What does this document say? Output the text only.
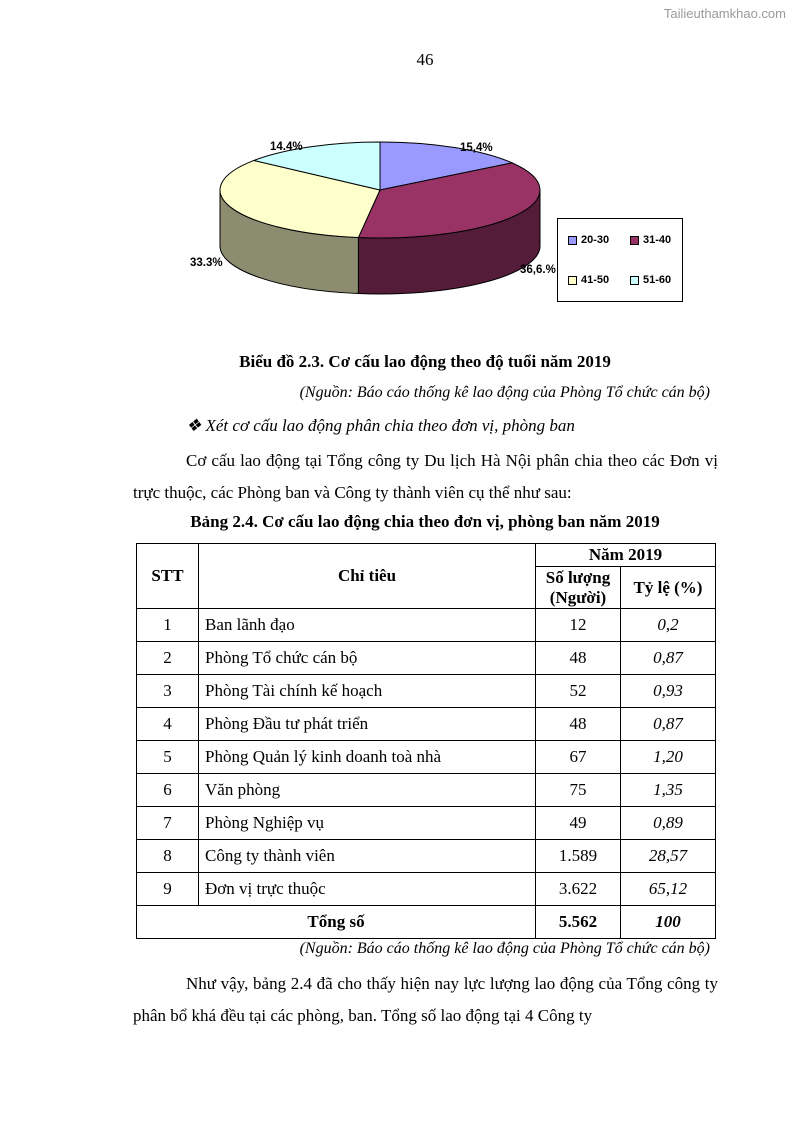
Tailieuthamkhao.com
46
15,4%
36,6.%
33.3%
14.4%
20-30	31-40
41-50	51-60
Biểu đồ 2.3. Cơ cấu lao động theo độ tuổi năm 2019
(Nguồn: Báo cáo thống kê lao động của Phòng Tổ chức cán bộ)
❖ Xét cơ cấu lao động phân chia theo đơn vị, phòng ban
Cơ cấu lao động tại Tổng công ty Du lịch Hà Nội phân chia theo các Đơn vị trực thuộc, các Phòng ban và Công ty thành viên cụ thể như sau:
Bảng 2.4. Cơ cấu lao động chia theo đơn vị, phòng ban năm 2019
STT	Chỉ tiêu	Năm 2019	
		Số lượng (Người)	Tỷ lệ (%)
1	Ban lãnh đạo	12	0,2
2	Phòng Tổ chức cán bộ	48	0,87
3	Phòng Tài chính kế hoạch	52	0,93
4	Phòng Đầu tư phát triển	48	0,87
5	Phòng Quản lý kinh doanh toà nhà	67	1,20
6	Văn phòng	75	1,35
7	Phòng Nghiệp vụ	49	0,89
8	Công ty thành viên	1.589	28,57
9	Đơn vị trực thuộc	3.622	65,12
Tổng số		5.562	100
(Nguồn: Báo cáo thống kê lao động của Phòng Tổ chức cán bộ)
Như vậy, bảng 2.4 đã cho thấy hiện nay lực lượng lao động của Tổng công ty phân bổ khá đều tại các phòng, ban. Tổng số lao động tại 4 Công ty
